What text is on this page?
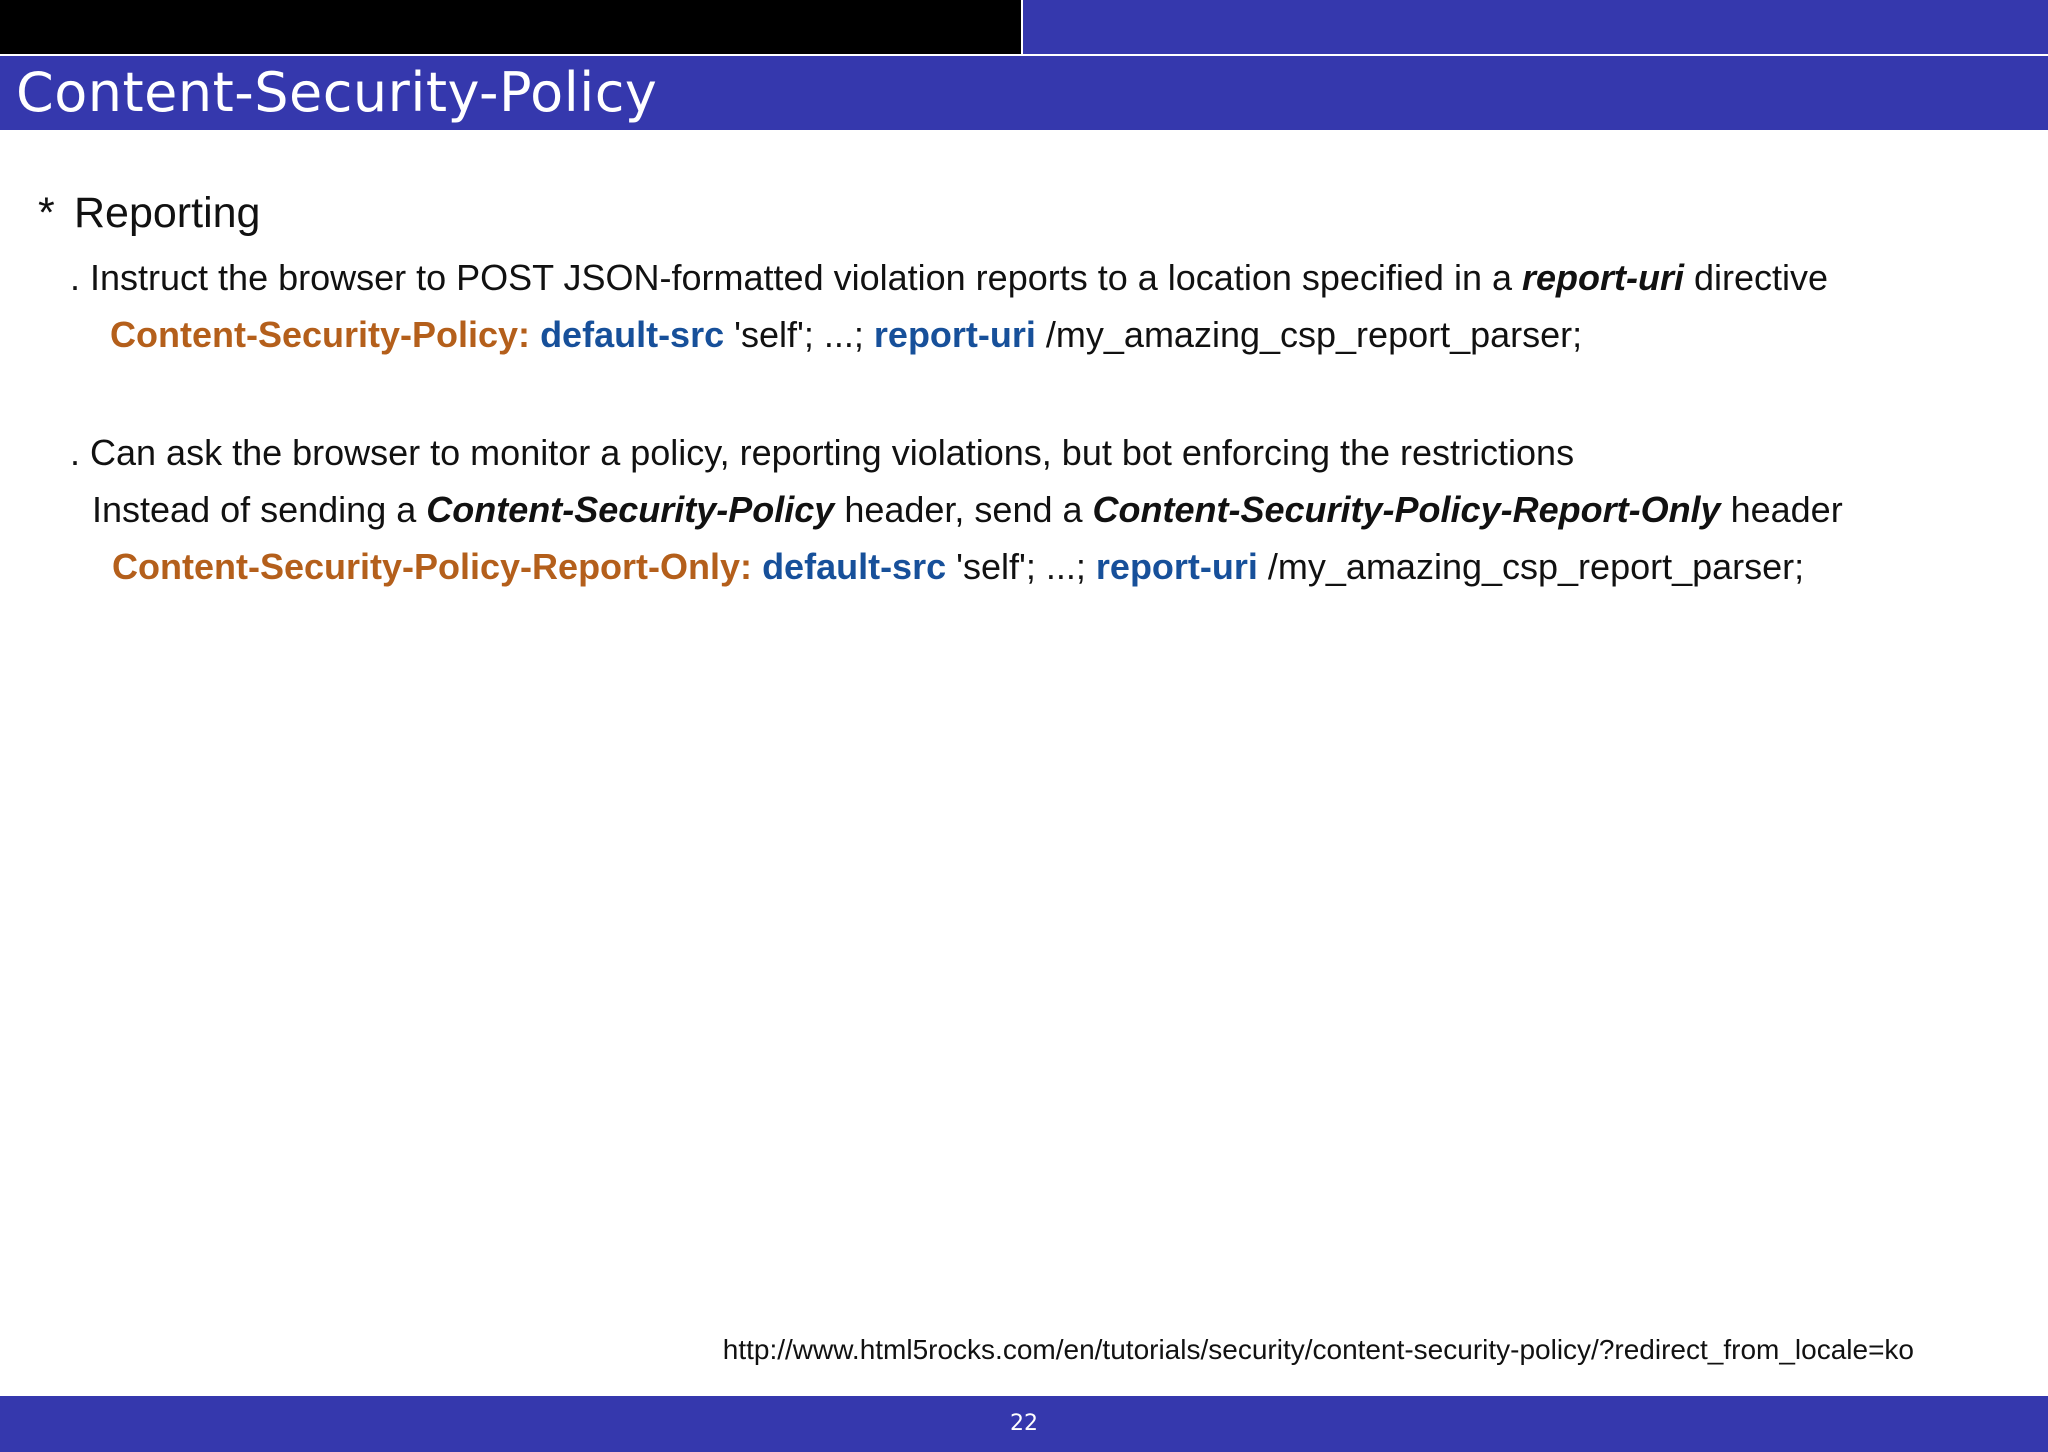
Content-Security-Policy
* Reporting
. Instruct the browser to POST JSON-formatted violation reports to a location specified in a report-uri directive
Content-Security-Policy: default-src 'self'; ...; report-uri /my_amazing_csp_report_parser;
. Can ask the browser to monitor a policy, reporting violations, but bot enforcing the restrictions
Instead of sending a Content-Security-Policy header, send a Content-Security-Policy-Report-Only header
Content-Security-Policy-Report-Only: default-src 'self'; ...; report-uri /my_amazing_csp_report_parser;
http://www.html5rocks.com/en/tutorials/security/content-security-policy/?redirect_from_locale=ko
22
